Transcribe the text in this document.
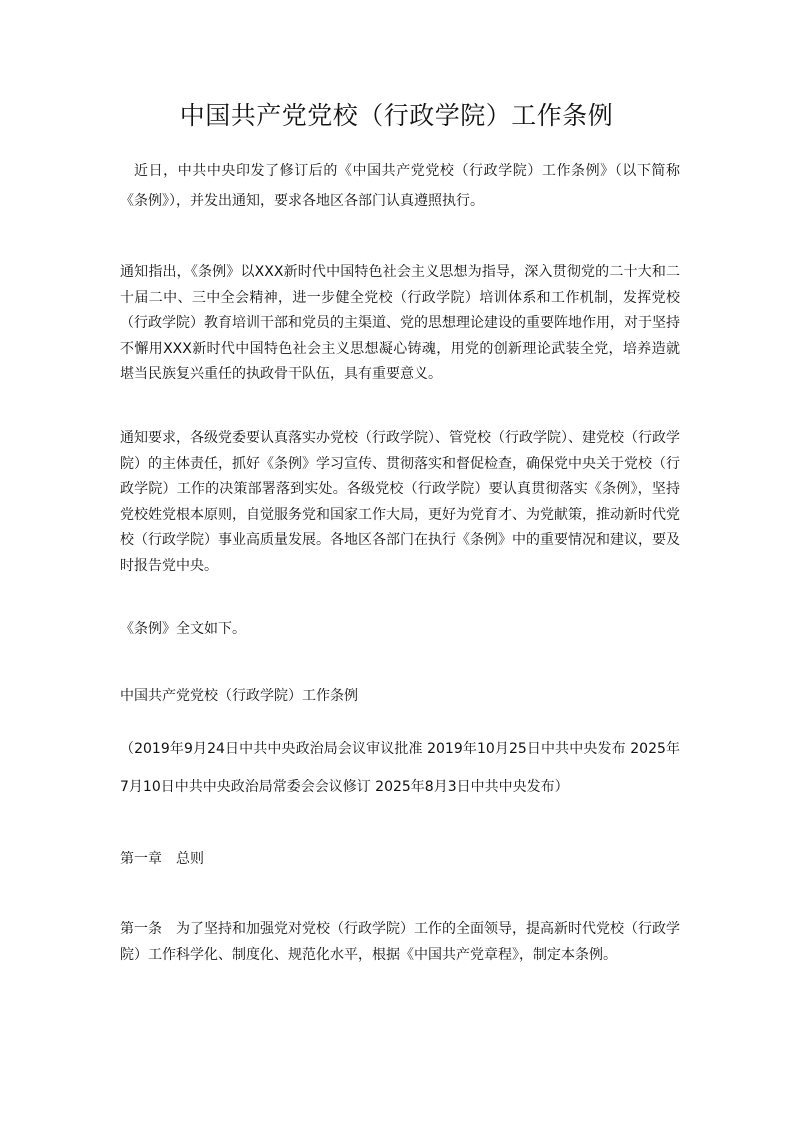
中国共产党党校（行政学院）工作条例

近日，中共中央印发了修订后的《中国共产党党校（行政学院）工作条例》（以下简称《条例》），并发出通知，要求各地区各部门认真遵照执行。

通知指出，《条例》以XXX新时代中国特色社会主义思想为指导，深入贯彻党的二十大和二十届二中、三中全会精神，进一步健全党校（行政学院）培训体系和工作机制，发挥党校（行政学院）教育培训干部和党员的主渠道、党的思想理论建设的重要阵地作用，对于坚持不懈用XXX新时代中国特色社会主义思想凝心铸魂，用党的创新理论武装全党，培养造就堪当民族复兴重任的执政骨干队伍，具有重要意义。

通知要求，各级党委要认真落实办党校（行政学院）、管党校（行政学院）、建党校（行政学院）的主体责任，抓好《条例》学习宣传、贯彻落实和督促检查，确保党中央关于党校（行政学院）工作的决策部署落到实处。各级党校（行政学院）要认真贯彻落实《条例》，坚持党校姓党根本原则，自觉服务党和国家工作大局，更好为党育才、为党献策，推动新时代党校（行政学院）事业高质量发展。各地区各部门在执行《条例》中的重要情况和建议，要及时报告党中央。

《条例》全文如下。

中国共产党党校（行政学院）工作条例

（2019年9月24日中共中央政治局会议审议批准 2019年10月25日中共中央发布 2025年7月10日中共中央政治局常委会会议修订 2025年8月3日中共中央发布）

第一章 总则

第一条 为了坚持和加强党对党校（行政学院）工作的全面领导，提高新时代党校（行政学院）工作科学化、制度化、规范化水平，根据《中国共产党章程》，制定本条例。
